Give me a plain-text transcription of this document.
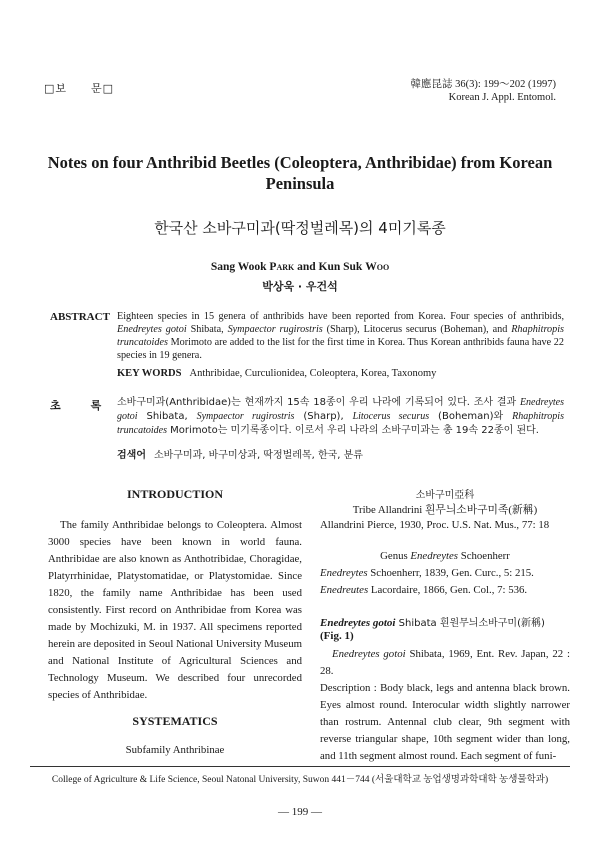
□보　　문□	韓應昆誌 36(3): 199～202 (1997)
Korean J. Appl. Entomol.
Notes on four Anthribid Beetles (Coleoptera, Anthribidae) from Korean Peninsula
한국산 소바구미과(딱정벌레목)의 4미기록종
Sang Wook Park and Kun Suk Woo
박상욱 · 우건석
ABSTRACT Eighteen species in 15 genera of anthribids have been reported from Korea. Four species of anthribids, Enedreytes gotoi Shibata, Sympaector rugirostris (Sharp), Litocerus securus (Boheman), and Rhaphitropis truncatoides Morimoto are added to the list for the first time in Korea. Thus Korean anthribids fauna have 22 species in 19 genera.
KEY WORDS Anthribidae, Curculionidea, Coleoptera, Korea, Taxonomy
초	록	소바구미과(Anthribidae)는 현재까지 15속 18종이 우리 나라에 기록되어 있다. 조사 결과 Enedreytes gotoi Shibata, Sympaector rugirostris (Sharp), Litocerus securus (Boheman)와 Rhaphitropis truncatoides Morimoto는 미기록종이다. 이로서 우리 나라의 소바구미과는 총 19속 22종이 된다.
검색어 소바구미과, 바구미상과, 딱정벌레목, 한국, 분류
INTRODUCTION
The family Anthribidae belongs to Coleoptera. Almost 3000 species have been known in world fauna. Anthribidae are also known as Anthotribidae, Choragidae, Platyrrhinidae, Platystomatidae, or Platystomidae. Since 1820, the family name Anthribidae has been used consistently. First record on Anthribidae from Korea was made by Mochizuki, M. in 1937. All specimens reported herein are deposited in Seoul National University Museum and National Institute of Agricultural Sciences and Technology Museum. We described four unrecorded species of Anthribidae.
SYSTEMATICS
Subfamily Anthribinae
소바구미亞科
Tribe Allandrini 흰무늬소바구미족(新稱)
Allandrini Pierce, 1930, Proc. U.S. Nat. Mus., 77: 18
Genus Enedreytes Schoenherr
Enedreytes Schoenherr, 1839, Gen. Curc., 5: 215.
Enedreutes Lacordaire, 1866, Gen. Col., 7: 536.
Enedreytes gotoi Shibata 흰원무늬소바구미(新稱)
(Fig. 1)
Enedreytes gotoi Shibata, 1969, Ent. Rev. Japan, 22 : 28.
Description : Body black, legs and antenna black brown. Eyes almost round. Interocular width slightly narrower than rostrum. Antennal club clear, 9th segment with reverse triangular shape, 10th segment wider than long, and 11th segment almost round. Each segment of funi-
College of Agriculture & Life Science, Seoul Natonal University, Suwon 441－744 (서울대학교 농업생명과학대학 농생물학과)
— 199 —
